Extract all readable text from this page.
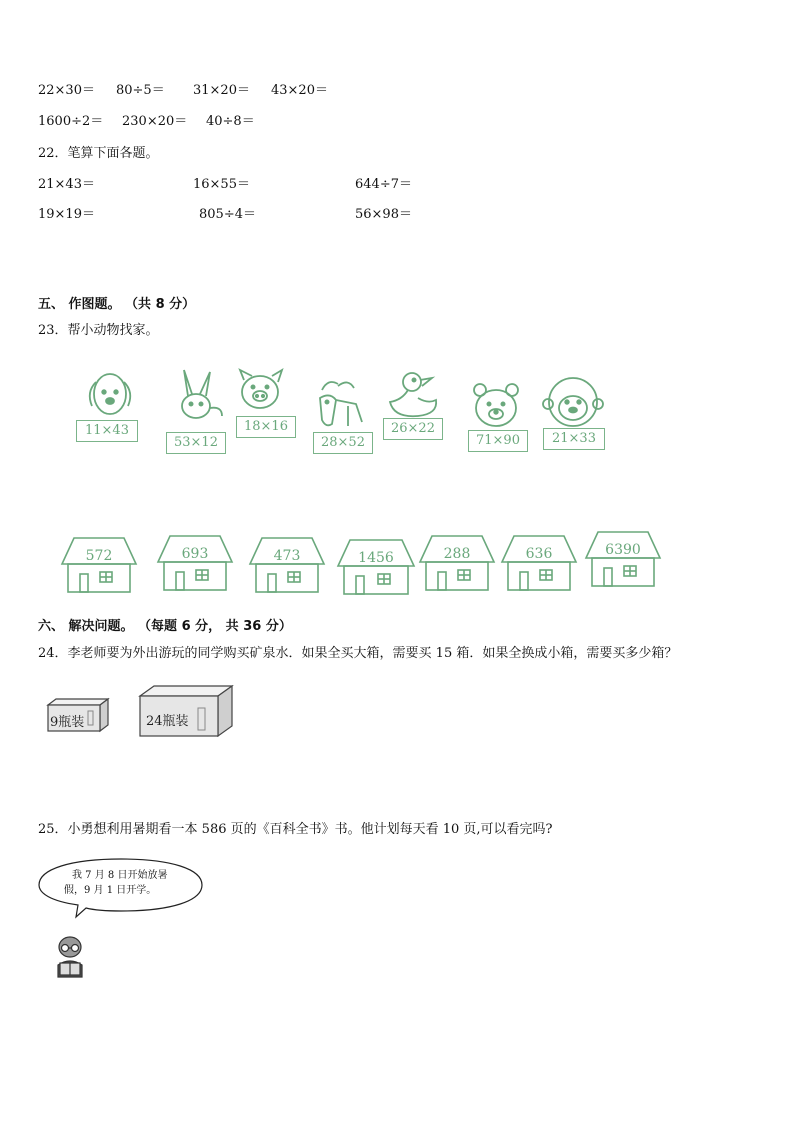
22×30＝ 80÷5＝ 31×20＝ 43×20＝
1600÷2＝ 230×20＝ 40÷8＝
22．笔算下面各题。
21×43＝	16×55＝	644÷7＝
19×19＝	805÷4＝	56×98＝
五、 作图题。 （共 8 分）
23．帮小动物找家。
11×43
53×12
18×16
28×52
26×22
71×90	21×33
572	693	473	1456	288	636	6390
六、 解决问题。 （每题 6 分， 共 36 分）
24．李老师要为外出游玩的同学购买矿泉水．如果全买大箱，需要买 15 箱．如果全换成小箱，需要买多少箱？
9瓶装	24瓶装
25．小勇想利用暑期看一本 586 页的《百科全书》书。他计划每天看 10 页,可以看完吗?
我 7 月 8 日开始放暑
假，9 月 1 日开学。
